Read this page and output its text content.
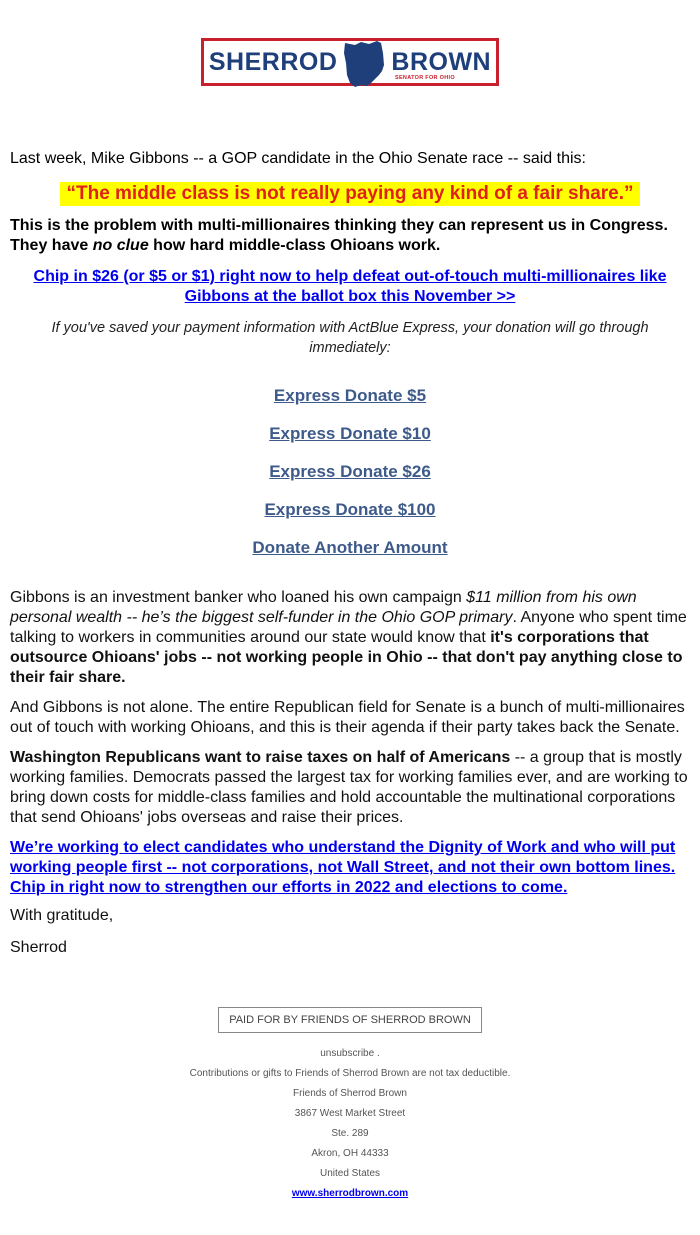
SHERROD BROWN
SENATOR FOR OHIO

Last week, Mike Gibbons -- a GOP candidate in the Ohio Senate race -- said this:

“The middle class is not really paying any kind of a fair share.”

This is the problem with multi-millionaires thinking they can represent us in Congress. They have no clue how hard middle-class Ohioans work.

Chip in $26 (or $5 or $1) right now to help defeat out-of-touch multi-millionaires like Gibbons at the ballot box this November >>

If you've saved your payment information with ActBlue Express, your donation will go through immediately:

Express Donate $5
Express Donate $10
Express Donate $26
Express Donate $100
Donate Another Amount

Gibbons is an investment banker who loaned his own campaign $11 million from his own personal wealth -- he’s the biggest self-funder in the Ohio GOP primary. Anyone who spent time talking to workers in communities around our state would know that it's corporations that outsource Ohioans' jobs -- not working people in Ohio -- that don't pay anything close to their fair share.

And Gibbons is not alone. The entire Republican field for Senate is a bunch of multi-millionaires out of touch with working Ohioans, and this is their agenda if their party takes back the Senate.

Washington Republicans want to raise taxes on half of Americans -- a group that is mostly working families. Democrats passed the largest tax for working families ever, and are working to bring down costs for middle-class families and hold accountable the multinational corporations that send Ohioans' jobs overseas and raise their prices.

We’re working to elect candidates who understand the Dignity of Work and who will put working people first -- not corporations, not Wall Street, and not their own bottom lines. Chip in right now to strengthen our efforts in 2022 and elections to come.

With gratitude,

Sherrod

PAID FOR BY FRIENDS OF SHERROD BROWN
unsubscribe .
Contributions or gifts to Friends of Sherrod Brown are not tax deductible.
Friends of Sherrod Brown
3867 West Market Street
Ste. 289
Akron, OH 44333
United States
www.sherrodbrown.com
